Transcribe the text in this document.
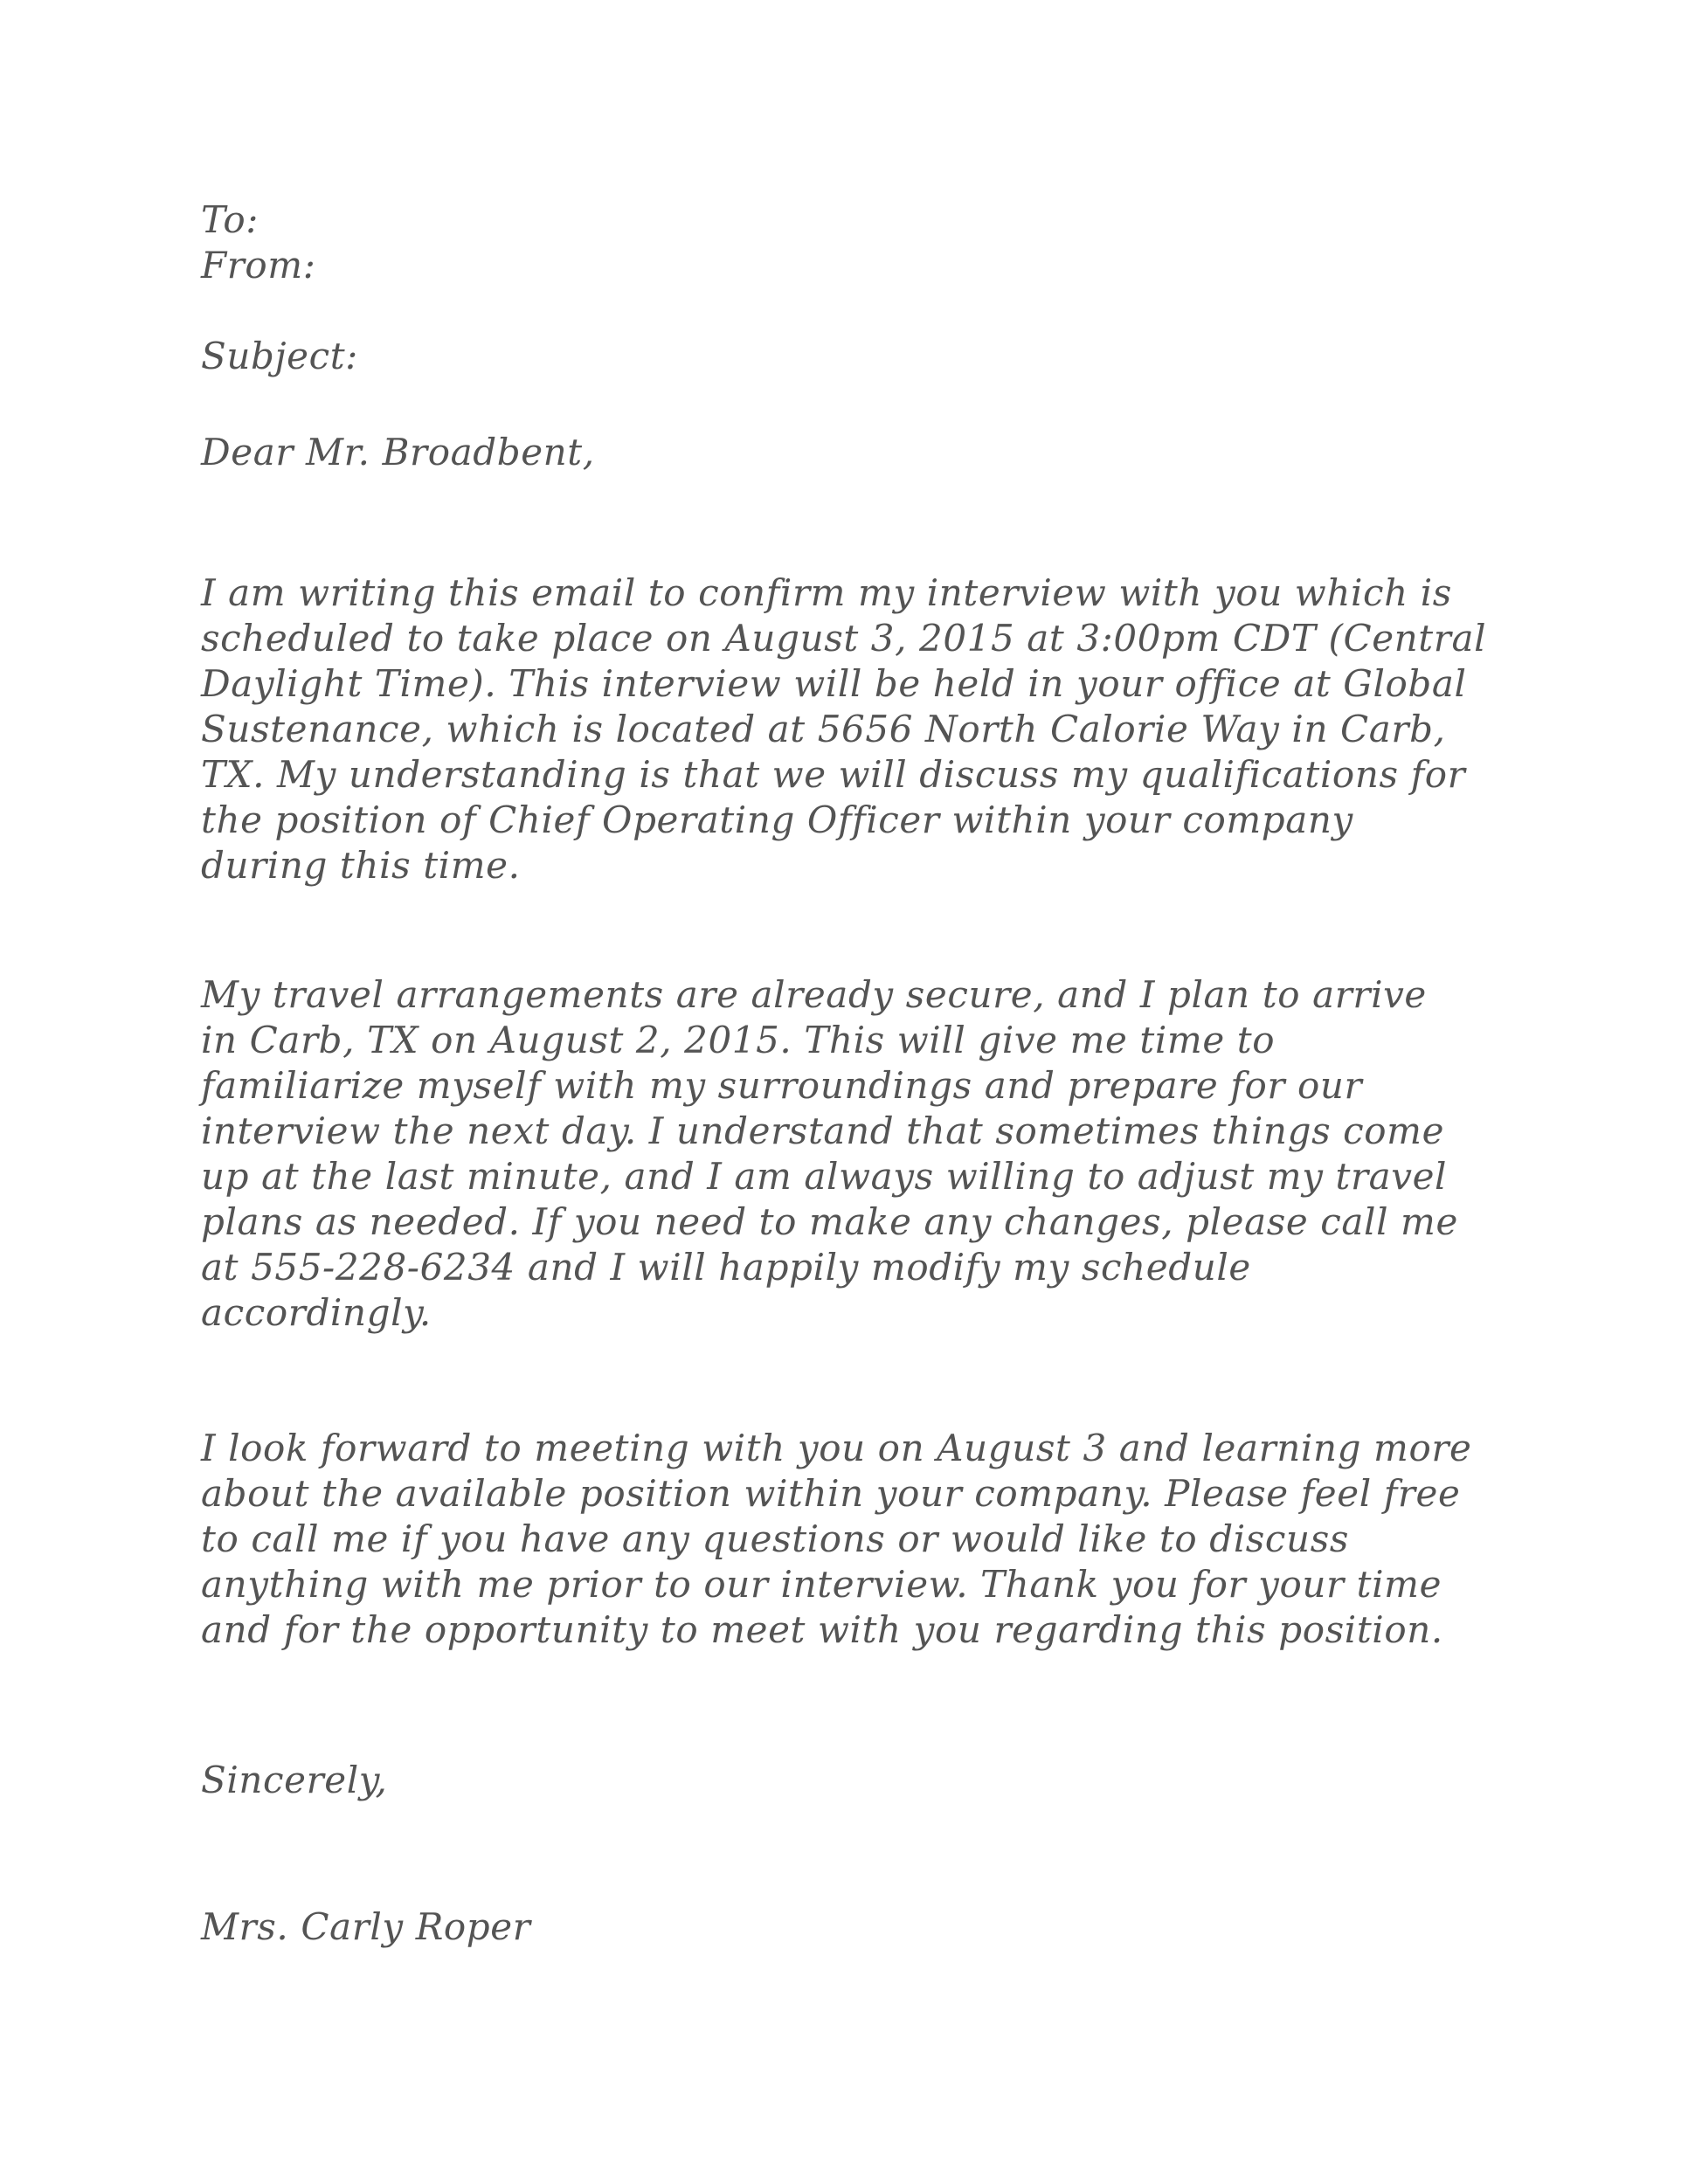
To:
From:
Subject:
Dear Mr. Broadbent,
I am writing this email to confirm my interview with you which is
scheduled to take place on August 3, 2015 at 3:00pm CDT (Central
Daylight Time). This interview will be held in your office at Global
Sustenance, which is located at 5656 North Calorie Way in Carb,
TX. My understanding is that we will discuss my qualifications for
the position of Chief Operating Officer within your company
during this time.
My travel arrangements are already secure, and I plan to arrive
in Carb, TX on August 2, 2015. This will give me time to
familiarize myself with my surroundings and prepare for our
interview the next day. I understand that sometimes things come
up at the last minute, and I am always willing to adjust my travel
plans as needed. If you need to make any changes, please call me
at 555-228-6234 and I will happily modify my schedule
accordingly.
I look forward to meeting with you on August 3 and learning more
about the available position within your company. Please feel free
to call me if you have any questions or would like to discuss
anything with me prior to our interview. Thank you for your time
and for the opportunity to meet with you regarding this position.
Sincerely,
Mrs. Carly Roper
